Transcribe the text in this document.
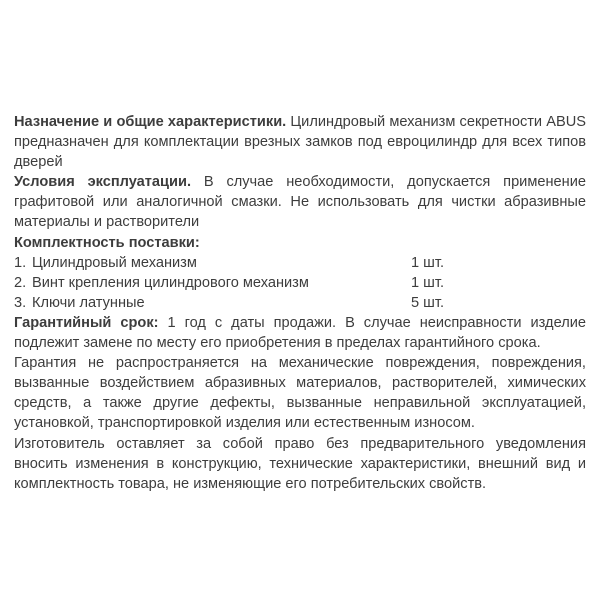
Назначение и общие характеристики. Цилиндровый механизм секретности ABUS предназначен для комплектации врезных замков под евроцилиндр для всех типов дверей

Условия эксплуатации. В случае необходимости, допускается применение графитовой или аналогичной смазки. Не использовать для чистки абразивные материалы и растворители

Комплектность поставки:

1. Цилиндровый механизм	1 шт.
2. Винт крепления цилиндрового механизм	1 шт.
3. Ключи латунные	5 шт.

Гарантийный срок: 1 год с даты продажи. В случае неисправности изделие подлежит замене по месту его приобретения в пределах гарантийного срока.

Гарантия не распространяется на механические повреждения, повреждения, вызванные воздействием абразивных материалов, растворителей, химических средств, а также другие дефекты, вызванные неправильной эксплуатацией, установкой, транспортировкой изделия или естественным износом.

Изготовитель оставляет за собой право без предварительного уведомления вносить изменения в конструкцию, технические характеристики, внешний вид и комплектность товара, не изменяющие его потребительских свойств.
